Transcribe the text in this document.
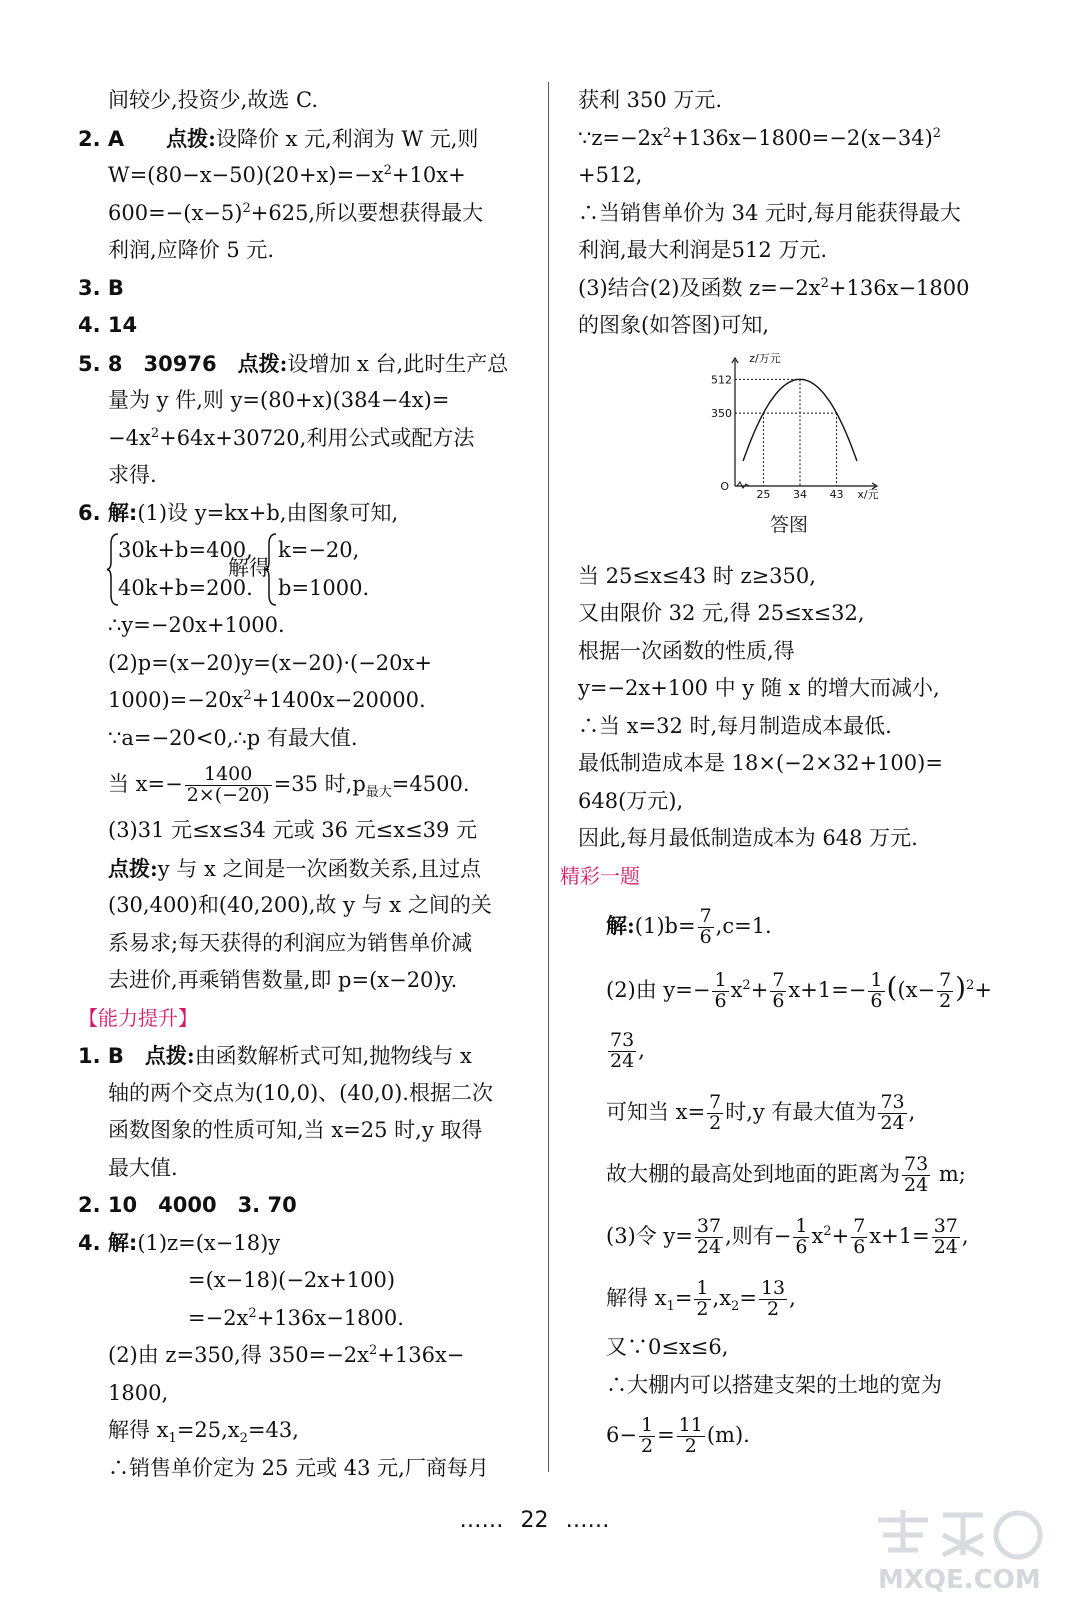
间较少,投资少,故选 C.
2. A　　 点拨:设降价 x 元,利润为 W 元,则
$W=(80-x-50)(20+x)=-x^2+10x+$
$600=-(x-5)^2+625$,所以要想获得最大
利润,应降价 5 元.
3. B
4. 14
5. 8　30976　 点拨:设增加 x 台,此时生产总
量为 y 件,则 y=(80+x)(384−4x)=
$-4x^2+64x+30720$,利用公式或配方法
求得.
6. 解:(1)设 y=kx+b,由图象可知,
30k+b=400,
40k+b=200.
解得
k=−20,
b=1000.
∴y=−20x+1000.
(2)p=(x−20)y=(x−20)·(−20x+
$1000)=-20x^2+1400x-20000$.
∵a=−20<0,∴p 有最大值.
当 $x=- \frac{1400}{2\times(-20)} =35$ 时$,p_{最大}=4500$.
(3)31 元≤x≤34 元或 36 元≤x≤39 元
点拨:y 与 x 之间是一次函数关系,且过点
(30,400)和(40,200),故 y 与 x 之间的关
系易求;每天获得的利润应为销售单价减
去进价,再乘销售数量,即 p=(x−20)y.
【能力提升】
1. B　 点拨:由函数解析式可知,抛物线与 x
轴的两个交点为(10,0)、(40,0).根据二次
函数图象的性质可知,当 x=25 时,y 取得
最大值.
2. 10　4000　3. 70
4. 解:(1)z=(x−18)y
=(x−18)(−2x+100)
$=-2x^2+136x-1800$.
(2)由 z=350,得 $350=-2x^2+136x-$
1800,
解得 $x_1=25,x_2=43$,
∴销售单价定为 25 元或 43 元,厂商每月
获利 350 万元.
$\because z=-2x^2+136x-1800=-2(x-34)^2$
+512,
∴当销售单价为 34 元时,每月能获得最大
利润,最大利润是512 万元.
(3)结合(2)及函数 $z=-2x^2+136x-1800$
的图象(如答图)可知,
当 25≤x≤43 时 z≥350,
又由限价 32 元,得 25≤x≤32,
根据一次函数的性质,得
y=−2x+100 中 y 随 x 的增大而减小,
∴当 x=32 时,每月制造成本最低.
最低制造成本是 18×(−2×32+100)=
648(万元),
因此,每月最低制造成本为 648 万元.
精彩一题
解:(1)b= $\frac{7}{6} ,c=1$.
(2)由 $y=- \frac{1}{6} x^2+ \frac{7}{6} x+1=- \frac{1}{6} ((x- \frac{7}{2} )^2+$
$\frac{73}{24}$ ,
可知当 $x= \frac{7}{2}$ 时,y 有最大值为 $\frac{73}{24}$ ,
故大棚的最高处到地面的距离为 $\frac{73}{24} m$;
(3)令 $y= \frac{37}{24}$ ,则有− $\frac{1}{6} x^2+ \frac{7}{6} x+1= \frac{37}{24}$ ,
解得 $x_1= \frac{1}{2} ,x_2= \frac{13}{2}$ ,
又∵0≤x≤6,
∴大棚内可以搭建支架的土地的宽为
$6- \frac{1}{2} = \frac{11}{2} (m)$.
z/万元
x/元
O
512
350
25 34 43
答图
…… 22 ……
MXQE.COM
